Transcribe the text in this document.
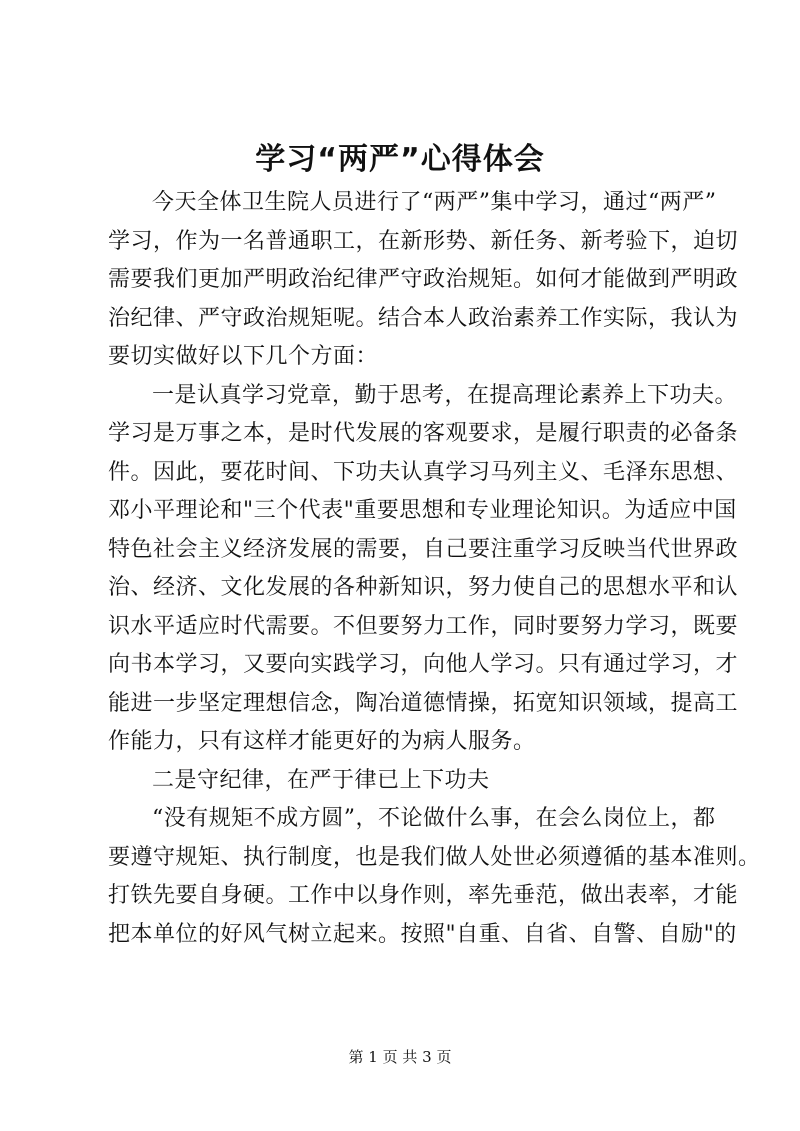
学习“两严”心得体会
今天全体卫生院人员进行了“两严”集中学习，通过“两严”
学习，作为一名普通职工，在新形势、新任务、新考验下，迫切
需要我们更加严明政治纪律严守政治规矩。如何才能做到严明政
治纪律、严守政治规矩呢。结合本人政治素养工作实际，我认为
要切实做好以下几个方面：
一是认真学习党章，勤于思考，在提高理论素养上下功夫。
学习是万事之本，是时代发展的客观要求，是履行职责的必备条
件。因此，要花时间、下功夫认真学习马列主义、毛泽东思想、
邓小平理论和"三个代表"重要思想和专业理论知识。为适应中国
特色社会主义经济发展的需要，自己要注重学习反映当代世界政
治、经济、文化发展的各种新知识，努力使自己的思想水平和认
识水平适应时代需要。不但要努力工作，同时要努力学习，既要
向书本学习，又要向实践学习，向他人学习。只有通过学习，才
能进一步坚定理想信念，陶冶道德情操，拓宽知识领域，提高工
作能力，只有这样才能更好的为病人服务。
二是守纪律，在严于律已上下功夫
“没有规矩不成方圆”，不论做什么事，在会么岗位上，都
要遵守规矩、执行制度，也是我们做人处世必须遵循的基本准则。
打铁先要自身硬。工作中以身作则，率先垂范，做出表率，才能
把本单位的好风气树立起来。按照"自重、自省、自警、自励"的
第 1 页 共 3 页
